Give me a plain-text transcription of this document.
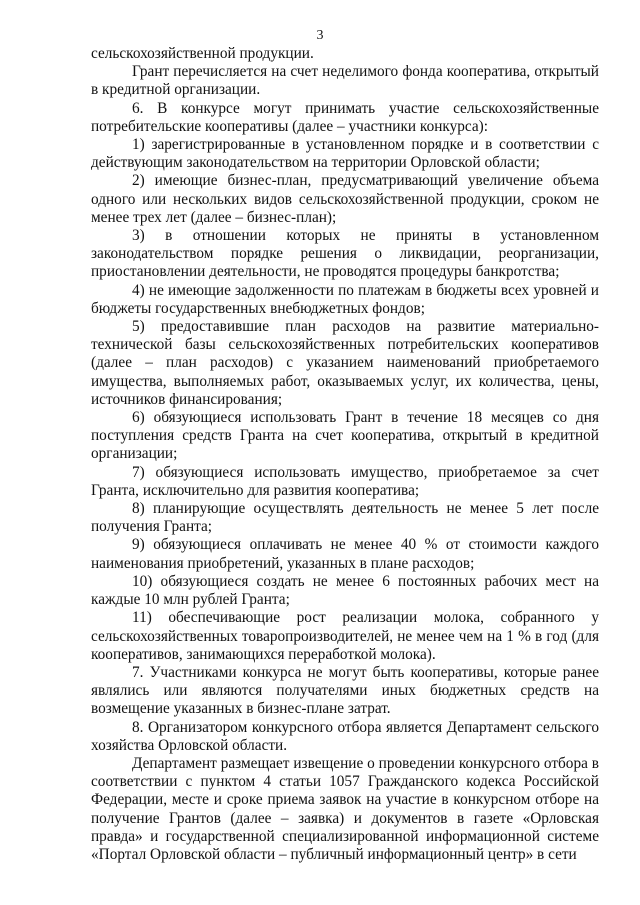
3

сельскохозяйственной продукции.

Грант перечисляется на счет неделимого фонда кооператива, открытый в кредитной организации.

6. В конкурсе могут принимать участие сельскохозяйственные потребительские кооперативы (далее – участники конкурса):

1) зарегистрированные в установленном порядке и в соответствии с действующим законодательством на территории Орловской области;

2) имеющие бизнес-план, предусматривающий увеличение объема одного или нескольких видов сельскохозяйственной продукции, сроком не менее трех лет (далее – бизнес-план);

3) в отношении которых не приняты в установленном законодательством порядке решения о ликвидации, реорганизации, приостановлении деятельности, не проводятся процедуры банкротства;

4) не имеющие задолженности по платежам в бюджеты всех уровней и бюджеты государственных внебюджетных фондов;

5) предоставившие план расходов на развитие материально-технической базы сельскохозяйственных потребительских кооперативов (далее – план расходов) с указанием наименований приобретаемого имущества, выполняемых работ, оказываемых услуг, их количества, цены, источников финансирования;

6) обязующиеся использовать Грант в течение 18 месяцев со дня поступления средств Гранта на счет кооператива, открытый в кредитной организации;

7) обязующиеся использовать имущество, приобретаемое за счет Гранта, исключительно для развития кооператива;

8) планирующие осуществлять деятельность не менее 5 лет после получения Гранта;

9) обязующиеся оплачивать не менее 40 % от стоимости каждого наименования приобретений, указанных в плане расходов;

10) обязующиеся создать не менее 6 постоянных рабочих мест на каждые 10 млн рублей Гранта;

11) обеспечивающие рост реализации молока, собранного у сельскохозяйственных товаропроизводителей, не менее чем на 1 % в год (для кооперативов, занимающихся переработкой молока).

7. Участниками конкурса не могут быть кооперативы, которые ранее являлись или являются получателями иных бюджетных средств на возмещение указанных в бизнес-плане затрат.

8. Организатором конкурсного отбора является Департамент сельского хозяйства Орловской области.

Департамент размещает извещение о проведении конкурсного отбора в соответствии с пунктом 4 статьи 1057 Гражданского кодекса Российской Федерации, месте и сроке приема заявок на участие в конкурсном отборе на получение Грантов (далее – заявка) и документов в газете «Орловская правда» и государственной специализированной информационной системе «Портал Орловской области – публичный информационный центр» в сети
